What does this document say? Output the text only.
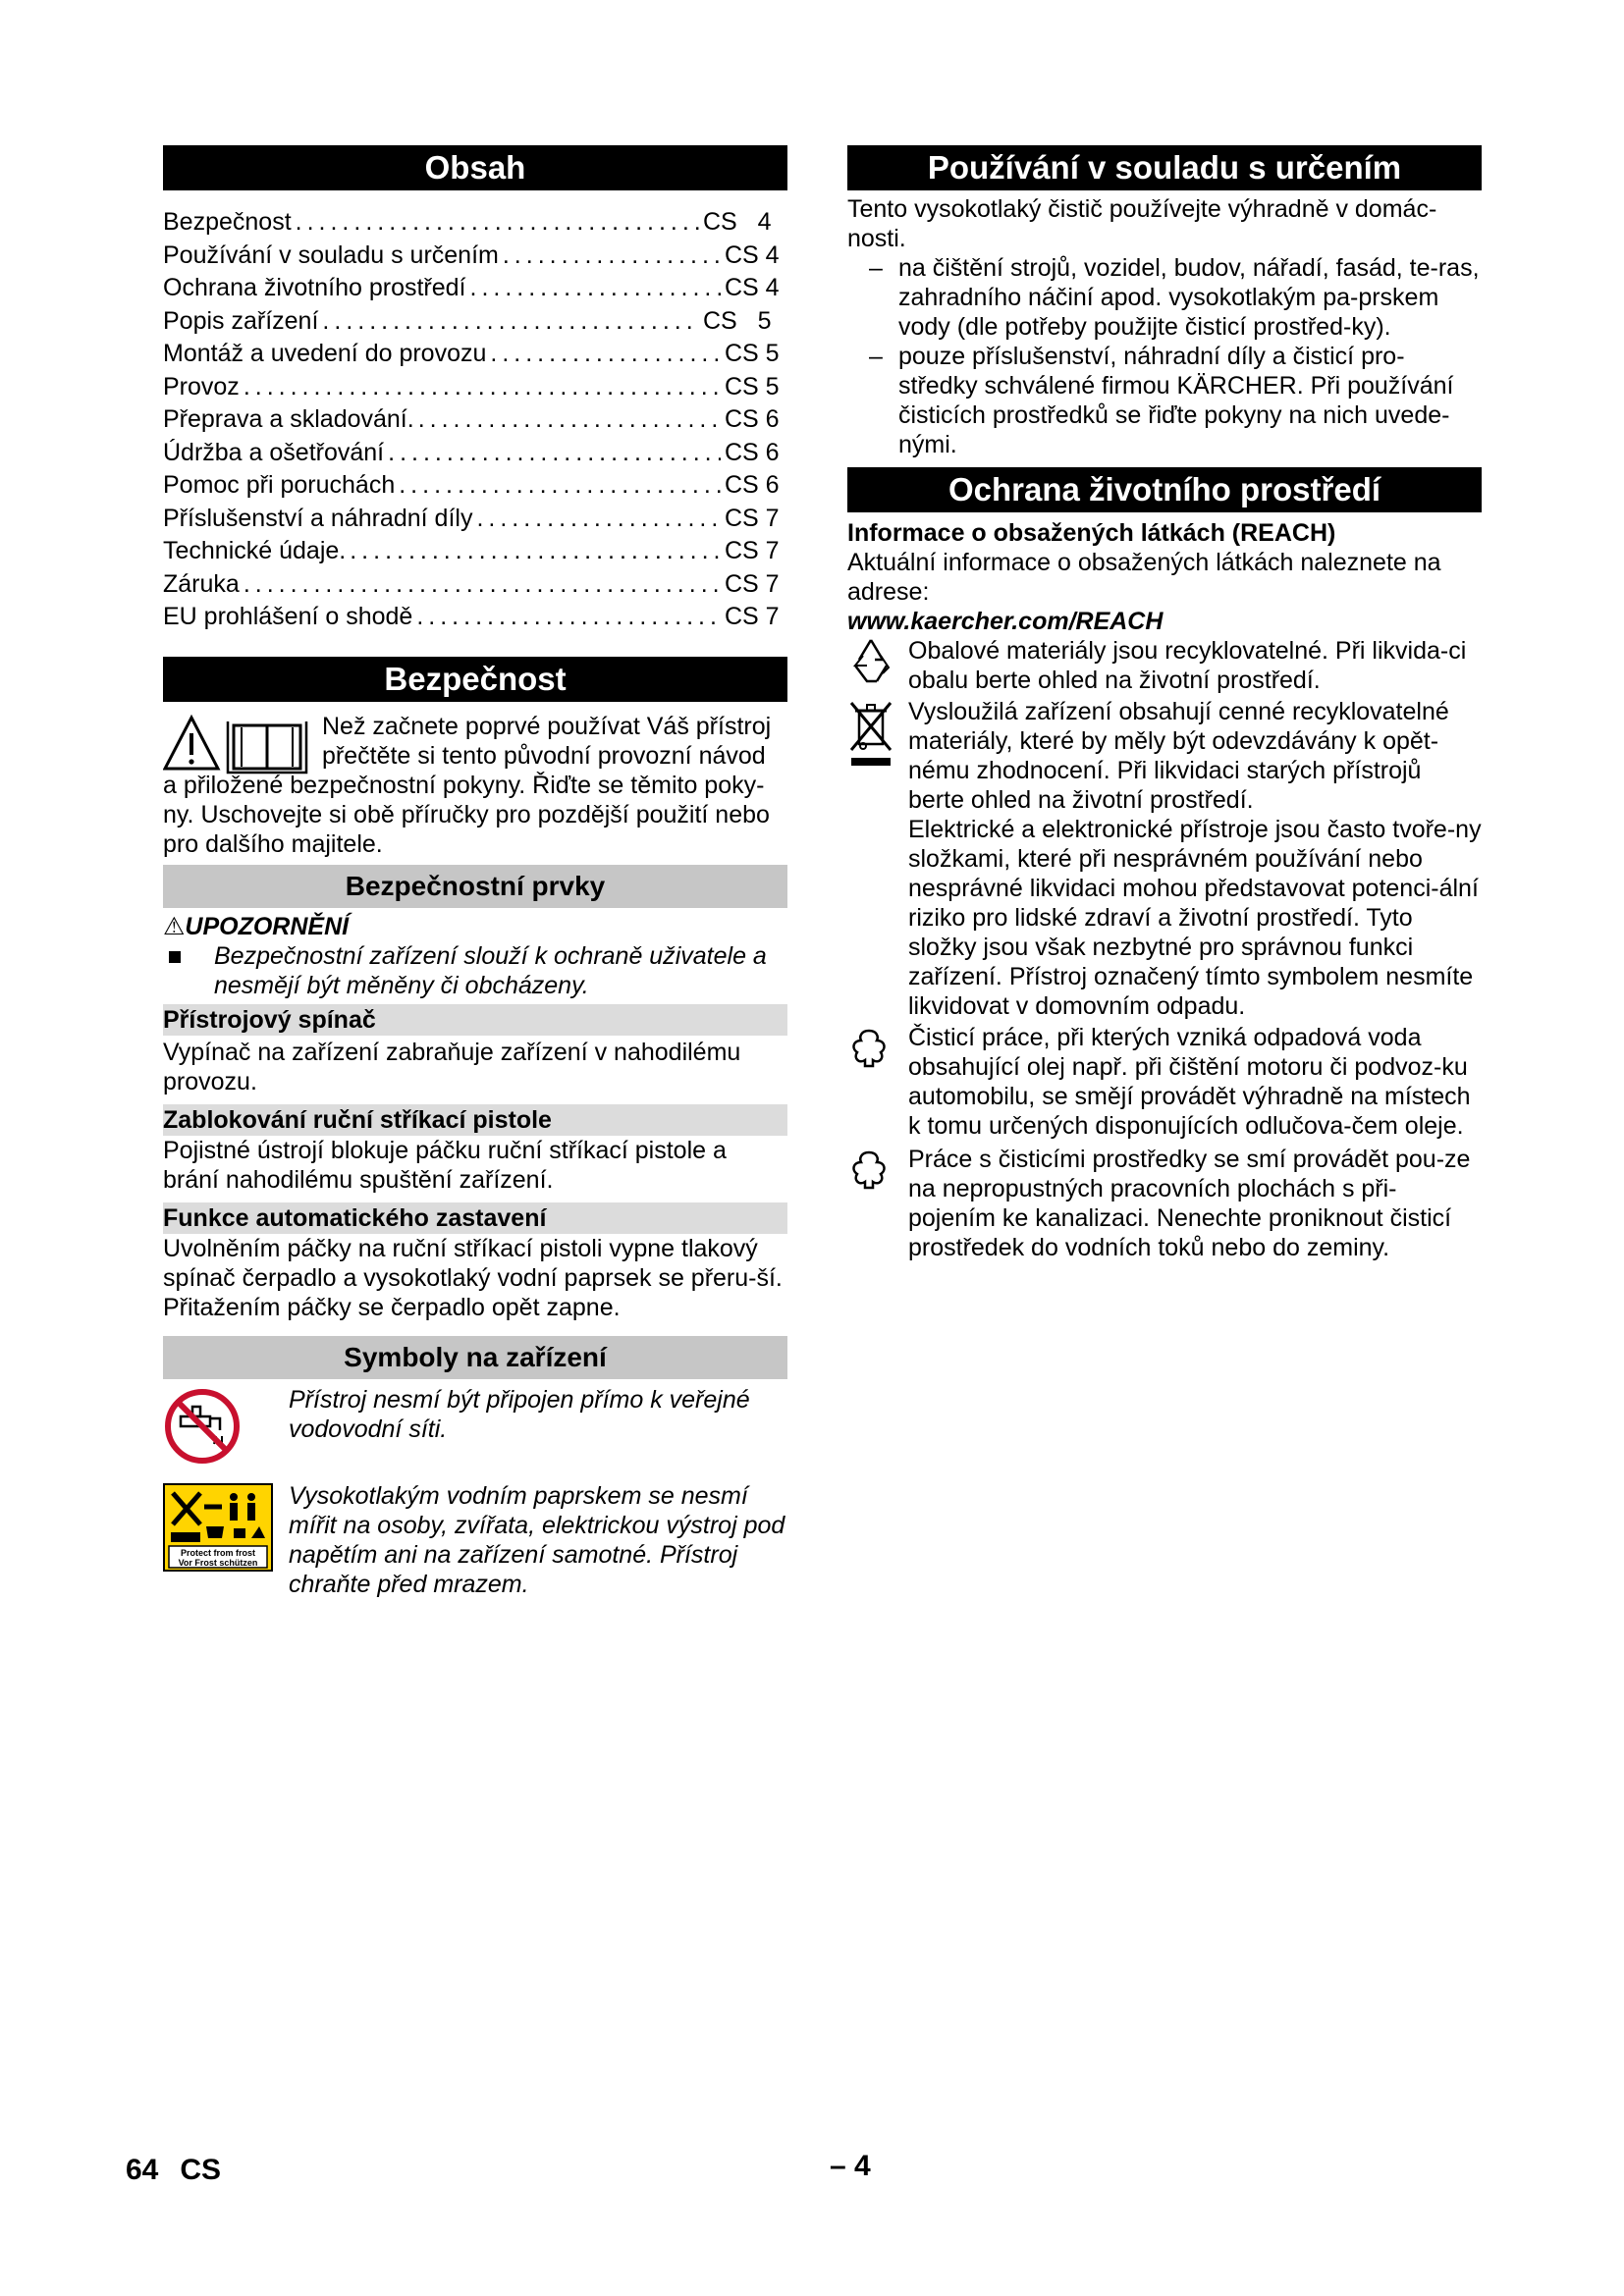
Obsah
Bezpečnost .....	CS   4
Používání v souladu s určením .....	CS 4
Ochrana životního prostředí .....	CS 4
Popis zařízení .....	CS   5
Montáž a uvedení do provozu .....	CS 5
Provoz .....	CS 5
Přeprava a skladování. .....	CS 6
Údržba a ošetřování .....	CS 6
Pomoc při poruchách .....	CS 6
Příslušenství a náhradní díly .....	CS 7
Technické údaje. .....	CS 7
Záruka .....	CS 7
EU prohlášení o shodě .....	CS 7
Bezpečnost

Než začnete poprvé používat Váš přístroj

přečtěte si tento původní provozní návod

a přiložené bezpečnostní pokyny. Řiďte se těmito poky-ny. Uschovejte si obě příručky pro pozdější použití nebo pro dalšího majitele.

Bezpečnostní prvky

⚠UPOZORNĚNÍ

Bezpečnostní zařízení slouží k ochraně uživatele a nesmějí být měněny či obcházeny.
Přístrojový spínač

Vypínač na zařízení zabraňuje zařízení v nahodilému provozu.

Zablokování ruční stříkací pistole

Pojistné ústrojí blokuje páčku ruční stříkací pistole a brání nahodilému spuštění zařízení.

Funkce automatického zastavení

Uvolněním páčky na ruční stříkací pistoli vypne tlakový spínač čerpadlo a vysokotlaký vodní paprsek se přeru-ší. Přitažením páčky se čerpadlo opět zapne.

Symboly na zařízení

Přístroj nesmí být připojen přímo k veřejné vodovodní síti.

Protect from frost
Vor Frost schützen

Vysokotlakým vodním paprskem se nesmí mířit na osoby, zvířata, elektrickou výstroj pod napětím ani na zařízení samotné. Přístroj chraňte před mrazem.

Používání v souladu s určením

Tento vysokotlaký čistič používejte výhradně v domác-nosti.

– na čištění strojů, vozidel, budov, nářadí, fasád, te-ras, zahradního náčiní apod. vysokotlakým pa-prskem vody (dle potřeby použijte čisticí prostřed-ky).
– pouze příslušenství, náhradní díly a čisticí pro-středky schválené firmou KÄRCHER. Při používání čisticích prostředků se řiďte pokyny na nich uvede-nými.
Ochrana životního prostředí

Informace o obsažených látkách (REACH)

Aktuální informace o obsažených látkách naleznete na adrese:

www.kaercher.com/REACH

Obalové materiály jsou recyklovatelné. Při likvida-ci obalu berte ohled na životní prostředí.

Vysloužilá zařízení obsahují cenné recyklovatelné materiály, které by měly být odevzdávány k opět-nému zhodnocení. Při likvidaci starých přístrojů berte ohled na životní prostředí.

Elektrické a elektronické přístroje jsou často tvoře-ny složkami, které při nesprávném používání nebo nesprávné likvidaci mohou představovat potenci-ální riziko pro lidské zdraví a životní prostředí. Tyto složky jsou však nezbytné pro správnou funkci zařízení. Přístroj označený tímto symbolem nesmíte likvidovat v domovním odpadu.

Čisticí práce, při kterých vzniká odpadová voda obsahující olej např. při čištění motoru či podvoz-ku automobilu, se smějí provádět výhradně na místech k tomu určených disponujících odlučova-čem oleje.

Práce s čisticími prostředky se smí provádět pou-ze na nepropustných pracovních plochách s při-pojením ke kanalizaci. Nenechte proniknout čisticí prostředek do vodních toků nebo do zeminy.

64 CS	– 4
